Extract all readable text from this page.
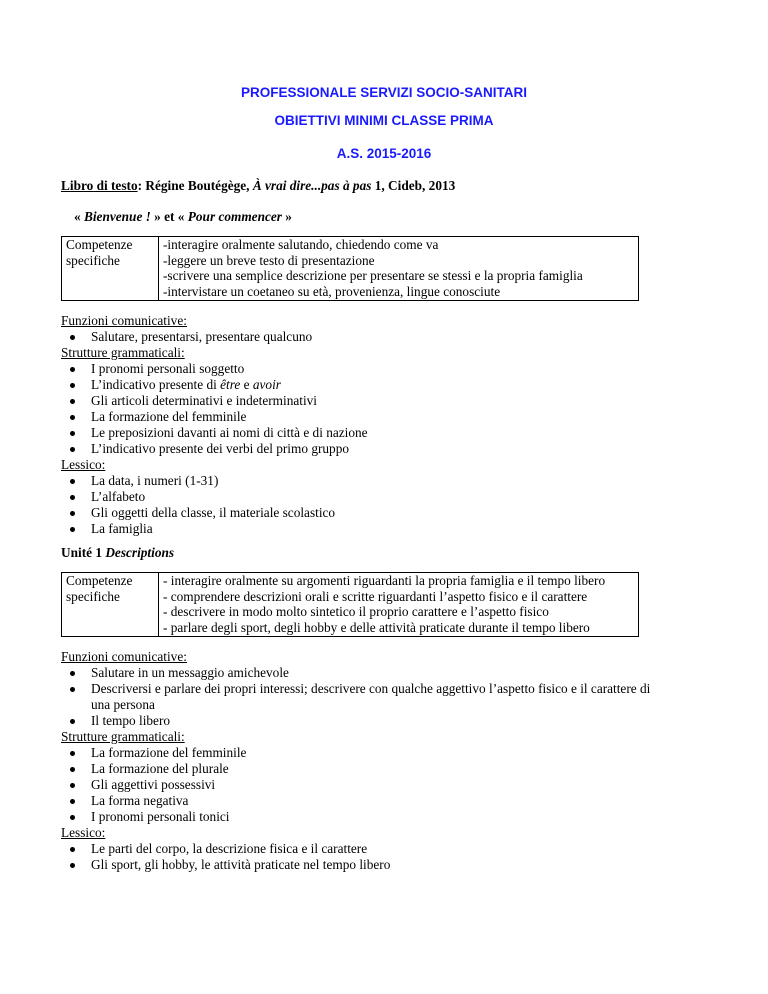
PROFESSIONALE SERVIZI SOCIO-SANITARI
OBIETTIVI MINIMI CLASSE PRIMA
A.S. 2015-2016
Libro di testo: Régine Boutégège, À vrai dire...pas à pas 1, Cideb, 2013
« Bienvenue ! » et « Pour commencer »
Competenze
specifiche

-interagire oralmente salutando, chiedendo come va
-leggere un breve testo di presentazione
-scrivere una semplice descrizione per presentare se stessi e la propria famiglia
-intervistare un coetaneo su età, provenienza, lingue conosciute
Funzioni comunicative:
Salutare, presentarsi, presentare qualcuno
Strutture grammaticali:
I pronomi personali soggetto
L’indicativo presente di être e avoir
Gli articoli determinativi e indeterminativi
La formazione del femminile
Le preposizioni davanti ai nomi di città e di nazione
L’indicativo presente dei verbi del primo gruppo
Lessico:
La data, i numeri (1-31)
L’alfabeto
Gli oggetti della classe, il materiale scolastico
La famiglia
Unité 1 Descriptions
Competenze
specifiche

- interagire oralmente su argomenti riguardanti la propria famiglia e il tempo libero
- comprendere descrizioni orali e scritte riguardanti l’aspetto fisico e il carattere
- descrivere in modo molto sintetico il proprio carattere e l’aspetto fisico
- parlare degli sport, degli hobby e delle attività praticate durante il tempo libero
Funzioni comunicative:
Salutare in un messaggio amichevole
Descriversi e parlare dei propri interessi; descrivere con qualche aggettivo l’aspetto fisico e il carattere di una persona
Il tempo libero
Strutture grammaticali:
La formazione del femminile
La formazione del plurale
Gli aggettivi possessivi
La forma negativa
I pronomi personali tonici
Lessico:
Le parti del corpo, la descrizione fisica e il carattere
Gli sport, gli hobby, le attività praticate nel tempo libero
